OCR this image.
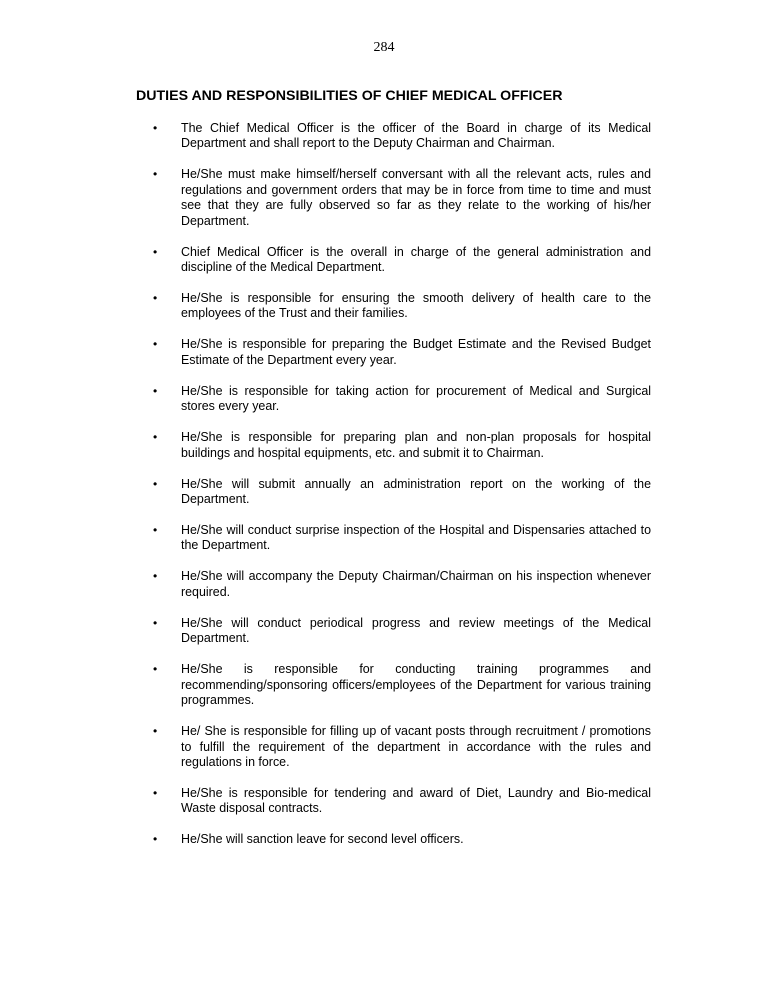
284
DUTIES AND RESPONSIBILITIES OF CHIEF MEDICAL OFFICER
• The Chief Medical Officer is the officer of the Board in charge of its Medical Department and shall report to the Deputy Chairman and Chairman.
• He/She must make himself/herself conversant with all the relevant acts, rules and regulations and government orders that may be in force from time to time and must see that they are fully observed so far as they relate to the working of his/her Department.
• Chief Medical Officer is the overall in charge of the general administration and discipline of the Medical Department.
• He/She is responsible for ensuring the smooth delivery of health care to the employees of the Trust and their families.
• He/She is responsible for preparing the Budget Estimate and the Revised Budget Estimate of the Department every year.
• He/She is responsible for taking action for procurement of Medical and Surgical stores every year.
• He/She is responsible for preparing plan and non-plan proposals for hospital buildings and hospital equipments, etc. and submit it to Chairman.
• He/She will submit annually an administration report on the working of the Department.
• He/She will conduct surprise inspection of the Hospital and Dispensaries attached to the Department.
• He/She will accompany the Deputy Chairman/Chairman on his inspection whenever required.
• He/She will conduct periodical progress and review meetings of the Medical Department.
• He/She is responsible for conducting training programmes and recommending/sponsoring officers/employees of the Department for various training programmes.
• He/ She is responsible for filling up of vacant posts through recruitment / promotions to fulfill the requirement of the department in accordance with the rules and regulations in force.
• He/She is responsible for tendering and award of Diet, Laundry and Bio-medical Waste disposal contracts.
• He/She will sanction leave for second level officers.
